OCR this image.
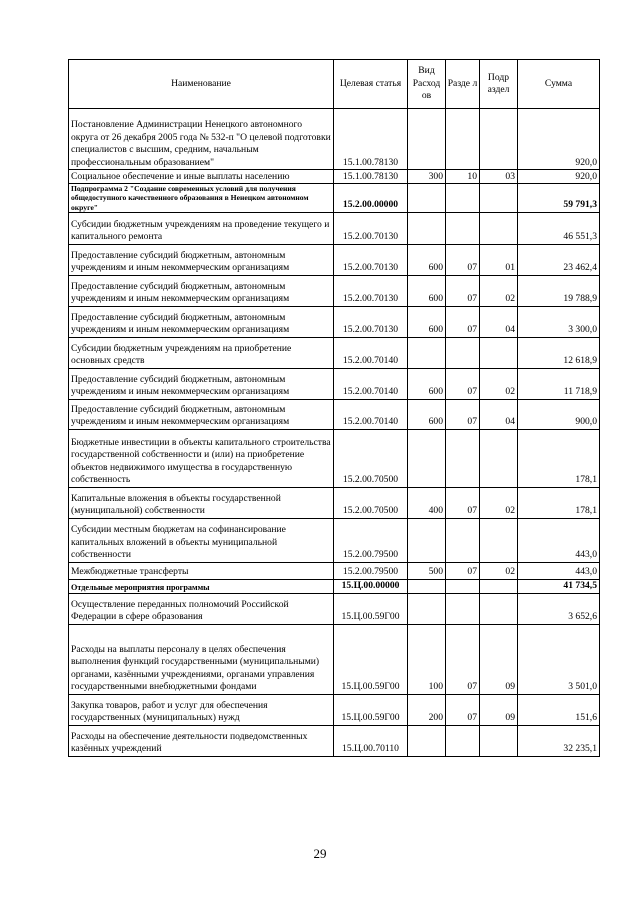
Наименование	Целевая статья	Вид Расход ов	Разде л	Подр аздел	Сумма
Постановление Администрации Ненецкого автономного округа от 26 декабря 2005 года № 532-п "О целевой подготовки специалистов с высшим, средним, начальным профессиональным образованием"	15.1.00.78130				920,0
Социальное обеспечение и иные выплаты населению	15.1.00.78130	300	10	03	920,0
Подпрограмма 2 "Создание современных условий для получения общедоступного качественного образования в Ненецком автономном округе"	15.2.00.00000				59 791,3
Субсидии бюджетным учреждениям на проведение текущего и капитального ремонта	15.2.00.70130				46 551,3
Предоставление субсидий бюджетным, автономным учреждениям и иным некоммерческим организациям	15.2.00.70130	600	07	01	23 462,4
Предоставление субсидий бюджетным, автономным учреждениям и иным некоммерческим организациям	15.2.00.70130	600	07	02	19 788,9
Предоставление субсидий бюджетным, автономным учреждениям и иным некоммерческим организациям	15.2.00.70130	600	07	04	3 300,0
Субсидии бюджетным учреждениям на приобретение основных средств	15.2.00.70140				12 618,9
Предоставление субсидий бюджетным, автономным учреждениям и иным некоммерческим организациям	15.2.00.70140	600	07	02	11 718,9
Предоставление субсидий бюджетным, автономным учреждениям и иным некоммерческим организациям	15.2.00.70140	600	07	04	900,0
Бюджетные инвестиции в объекты капитального строительства государственной собственности и (или) на приобретение объектов недвижимого имущества в государственную собственность	15.2.00.70500				178,1
Капитальные вложения в объекты государственной (муниципальной) собственности	15.2.00.70500	400	07	02	178,1
Субсидии местным бюджетам на софинансирование капитальных вложений в объекты муниципальной собственности	15.2.00.79500				443,0
Межбюджетные трансферты	15.2.00.79500	500	07	02	443,0
Отдельные мероприятия программы	15.Ц.00.00000				41 734,5
Осуществление переданных полномочий Российской Федерации в сфере образования	15.Ц.00.59Г00				3 652,6
Расходы на выплаты персоналу в целях обеспечения выполнения функций государственными (муниципальными) органами, казёнными учреждениями, органами управления государственными внебюджетными фондами	15.Ц.00.59Г00	100	07	09	3 501,0
Закупка товаров, работ и услуг для обеспечения государственных (муниципальных) нужд	15.Ц.00.59Г00	200	07	09	151,6
Расходы на обеспечение деятельности подведомственных казённых учреждений	15.Ц.00.70110				32 235,1
29
